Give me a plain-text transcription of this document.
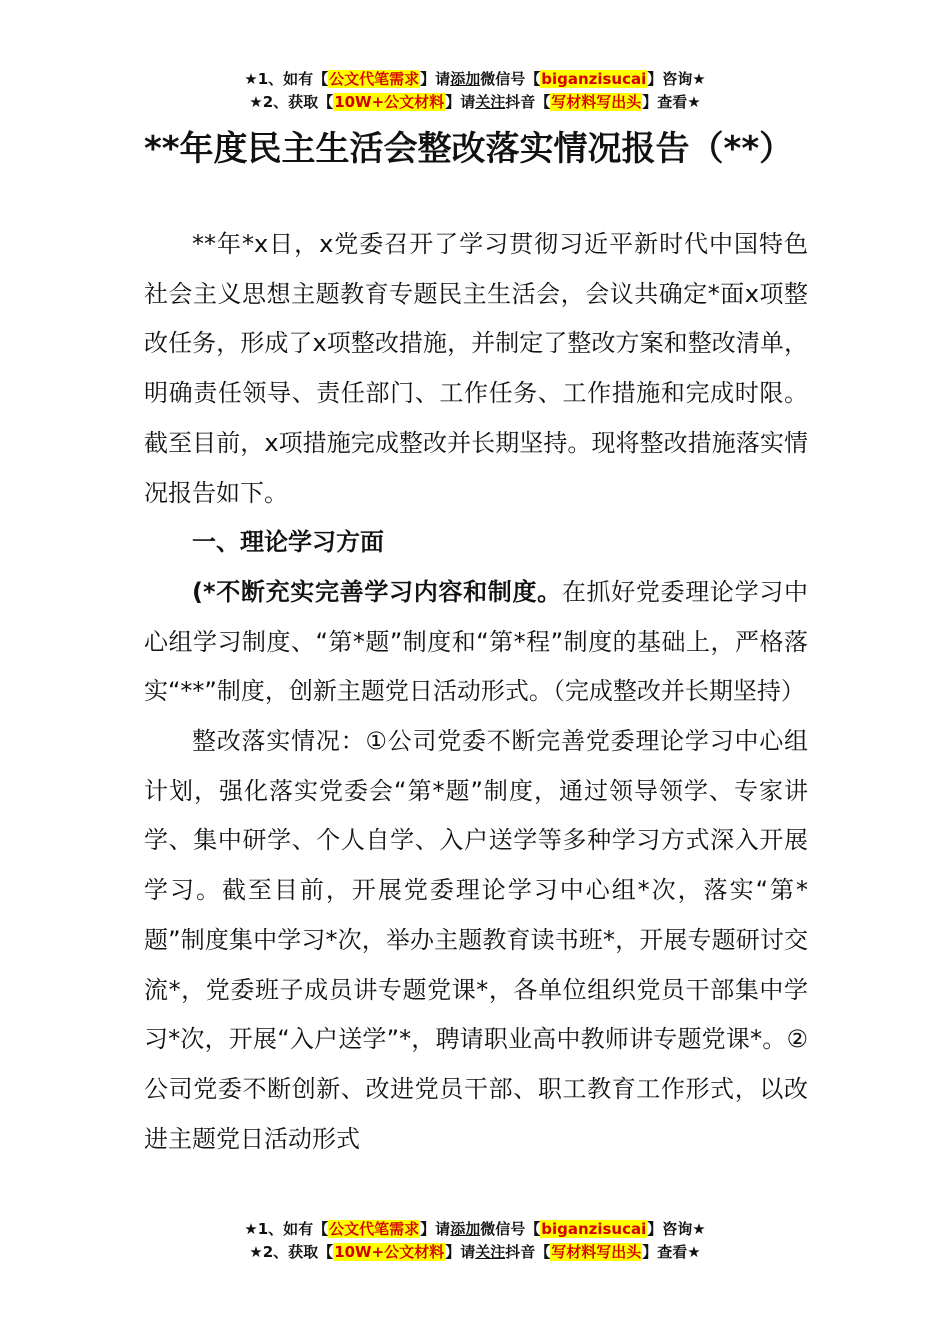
★1、如有【公文代笔需求】请添加微信号【biganzisucai】咨询★
★2、获取【10W+公文材料】请关注抖音【写材料写出头】查看★
**年度民主生活会整改落实情况报告（**）

**年*x日，x党委召开了学习贯彻习近平新时代中国特色社会主义思想主题教育专题民主生活会，会议共确定*面x项整改任务，形成了x项整改措施，并制定了整改方案和整改清单，明确责任领导、责任部门、工作任务、工作措施和完成时限。截至目前，x项措施完成整改并长期坚持。现将整改措施落实情况报告如下。

一、理论学习方面

(*不断充实完善学习内容和制度。在抓好党委理论学习中心组学习制度、“第*题”制度和“第*程”制度的基础上，严格落实“**”制度，创新主题党日活动形式。（完成整改并长期坚持）

整改落实情况：①公司党委不断完善党委理论学习中心组计划，强化落实党委会“第*题”制度，通过领导领学、专家讲学、集中研学、个人自学、入户送学等多种学习方式深入开展学习。截至目前，开展党委理论学习中心组*次，落实“第*题”制度集中学习*次，举办主题教育读书班*，开展专题研讨交流*，党委班子成员讲专题党课*，各单位组织党员干部集中学习*次，开展“入户送学”*，聘请职业高中教师讲专题党课*。②公司党委不断创新、改进党员干部、职工教育工作形式，以改进主题党日活动形式

★1、如有【公文代笔需求】请添加微信号【biganzisucai】咨询★
★2、获取【10W+公文材料】请关注抖音【写材料写出头】查看★
